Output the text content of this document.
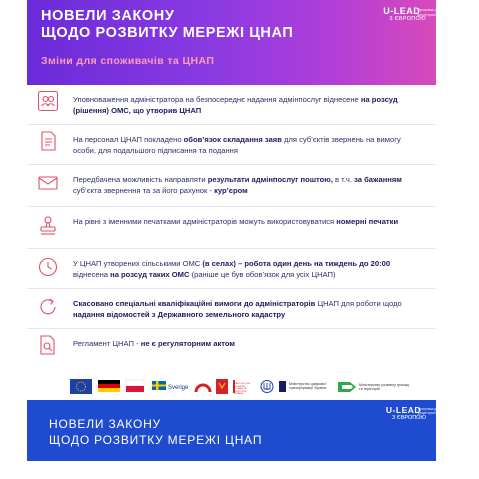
НОВЕЛИ ЗАКОНУ
ЩОДО РОЗВИТКУ МЕРЕЖІ ЦНАП
Зміни для споживачів та ЦНАП
U-LEAD
З ЄВРОПОЮ
Програма для підтримки децентралізації Україні
Уповноваження адміністратора на безпосереднє надання адмінпослуг віднесене на розсуд (рішення) ОМС, що утворив ЦНАП
На персонал ЦНАП покладено обов’язок складання заяв для суб’єктів звернень на вимогу особи, для подальшого підписання та подання
Передбачена можливість направляти результати адмінпослуг поштою, в т.ч. за бажанням суб’єкта звернення та за його рахунок - кур’єром
На рівні з іменними печатками адміністраторів можуть використовуватися номерні печатки
У ЦНАП утворених сільськими ОМС (в селах) – робота один день на тиждень до 20:00 віднесена на розсуд таких ОМС (раніше це був обов’язок для усіх ЦНАП)
Скасовано спеціальні кваліфікаційні вимоги до адміністраторів ЦНАП для роботи щодо надання відомостей з Державного земельного кадастру
Регламент ЦНАП - не є регуляторним актом
Sverige
Міністерство цифрової трансформації України
МІНІСТЕРСТВО РОЗВИТКУ ГРОМАД ТА ТЕРИТОРІЙ УКРАЇНИ
Міністерство розвитку громад та територій
НОВЕЛИ ЗАКОНУ
ЩОДО РОЗВИТКУ МЕРЕЖІ ЦНАП
U-LEAD
З ЄВРОПОЮ
Програма для підтримки децентралізації Україні
